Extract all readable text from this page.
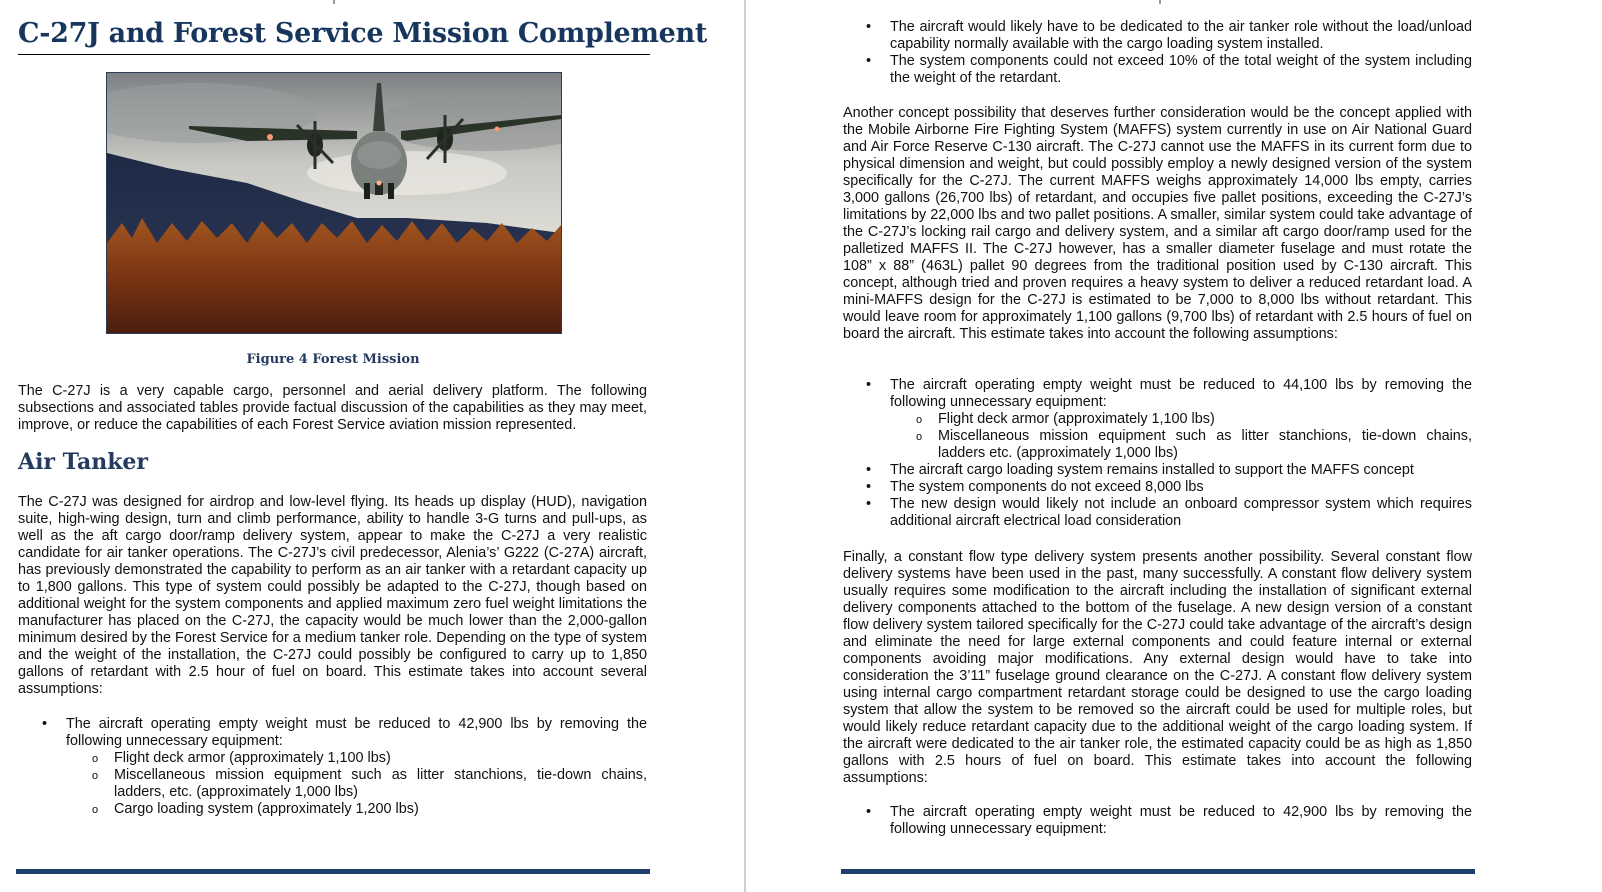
C-27J and Forest Service Mission Complement
Figure 4 Forest Mission

The C-27J is a very capable cargo, personnel and aerial delivery platform. The following subsections and associated tables provide factual discussion of the capabilities as they may meet, improve, or reduce the capabilities of each Forest Service aviation mission represented.

Air Tanker

The C-27J was designed for airdrop and low-level flying. Its heads up display (HUD), navigation suite, high-wing design, turn and climb performance, ability to handle 3-G turns and pull-ups, as well as the aft cargo door/ramp delivery system, appear to make the C-27J a very realistic candidate for air tanker operations. The C-27J’s civil predecessor, Alenia’s’ G222 (C-27A) aircraft, has previously demonstrated the capability to perform as an air tanker with a retardant capacity up to 1,800 gallons. This type of system could possibly be adapted to the C-27J, though based on additional weight for the system components and applied maximum zero fuel weight limitations the manufacturer has placed on the C-27J, the capacity would be much lower than the 2,000-gallon minimum desired by the Forest Service for a medium tanker role. Depending on the type of system and the weight of the installation, the C-27J could possibly be configured to carry up to 1,850 gallons of retardant with 2.5 hour of fuel on board. This estimate takes into account several assumptions:

• The aircraft operating empty weight must be reduced to 42,900 lbs by removing the following unnecessary equipment:
o Flight deck armor (approximately 1,100 lbs)
o Miscellaneous mission equipment such as litter stanchions, tie-down chains, ladders, etc. (approximately 1,000 lbs)
o Cargo loading system (approximately 1,200 lbs)
• The aircraft would likely have to be dedicated to the air tanker role without the load/unload capability normally available with the cargo loading system installed.
• The system components could not exceed 10% of the total weight of the system including the weight of the retardant.

Another concept possibility that deserves further consideration would be the concept applied with the Mobile Airborne Fire Fighting System (MAFFS) system currently in use on Air National Guard and Air Force Reserve C-130 aircraft. The C-27J cannot use the MAFFS in its current form due to physical dimension and weight, but could possibly employ a newly designed version of the system specifically for the C-27J. The current MAFFS weighs approximately 14,000 lbs empty, carries 3,000 gallons (26,700 lbs) of retardant, and occupies five pallet positions, exceeding the C-27J’s limitations by 22,000 lbs and two pallet positions. A smaller, similar system could take advantage of the C-27J’s locking rail cargo and delivery system, and a similar aft cargo door/ramp used for the palletized MAFFS II. The C-27J however, has a smaller diameter fuselage and must rotate the 108” x 88” (463L) pallet 90 degrees from the traditional position used by C-130 aircraft. This concept, although tried and proven requires a heavy system to deliver a reduced retardant load. A mini-MAFFS design for the C-27J is estimated to be 7,000 to 8,000 lbs without retardant. This would leave room for approximately 1,100 gallons (9,700 lbs) of retardant with 2.5 hours of fuel on board the aircraft. This estimate takes into account the following assumptions:

• The aircraft operating empty weight must be reduced to 44,100 lbs by removing the following unnecessary equipment:
o Flight deck armor (approximately 1,100 lbs)
o Miscellaneous mission equipment such as litter stanchions, tie-down chains, ladders etc. (approximately 1,000 lbs)
• The aircraft cargo loading system remains installed to support the MAFFS concept
• The system components do not exceed 8,000 lbs
• The new design would likely not include an onboard compressor system which requires additional aircraft electrical load consideration

Finally, a constant flow type delivery system presents another possibility. Several constant flow delivery systems have been used in the past, many successfully. A constant flow delivery system usually requires some modification to the aircraft including the installation of significant external delivery components attached to the bottom of the fuselage. A new design version of a constant flow delivery system tailored specifically for the C-27J could take advantage of the aircraft’s design and eliminate the need for large external components and could feature internal or external components avoiding major modifications. Any external design would have to take into consideration the 3’11” fuselage ground clearance on the C-27J. A constant flow delivery system using internal cargo compartment retardant storage could be designed to use the cargo loading system that allow the system to be removed so the aircraft could be used for multiple roles, but would likely reduce retardant capacity due to the additional weight of the cargo loading system. If the aircraft were dedicated to the air tanker role, the estimated capacity could be as high as 1,850 gallons with 2.5 hours of fuel on board. This estimate takes into account the following assumptions:

• The aircraft operating empty weight must be reduced to 42,900 lbs by removing the following unnecessary equipment:
